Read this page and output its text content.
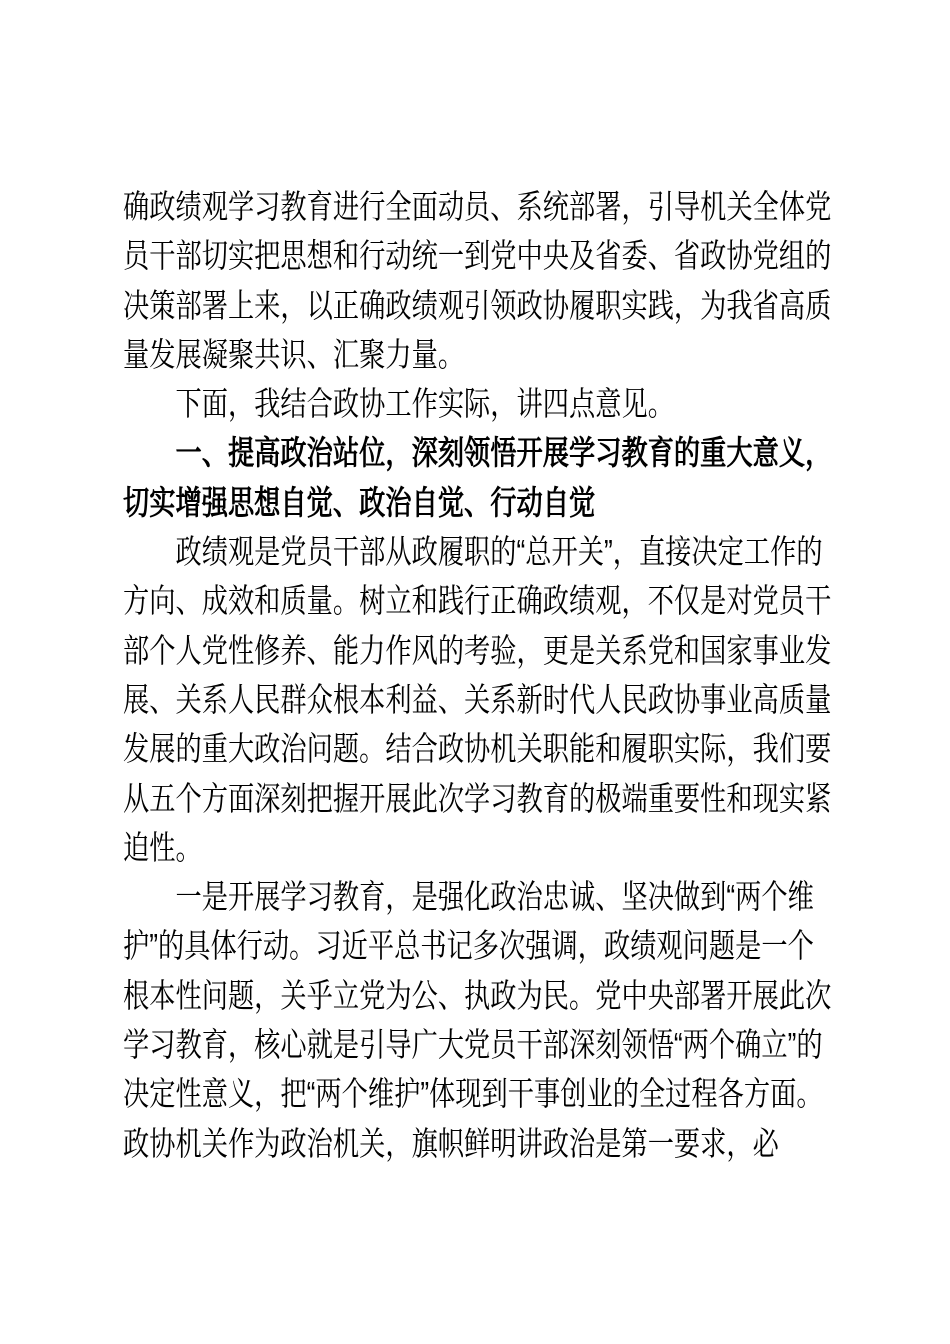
确政绩观学习教育进行全面动员、系统部署，引导机关全体党员干部切实把思想和行动统一到党中央及省委、省政协党组的决策部署上来，以正确政绩观引领政协履职实践，为我省高质量发展凝聚共识、汇聚力量。

下面，我结合政协工作实际，讲四点意见。

一、提高政治站位，深刻领悟开展学习教育的重大意义，切实增强思想自觉、政治自觉、行动自觉

政绩观是党员干部从政履职的“总开关”，直接决定工作的方向、成效和质量。树立和践行正确政绩观，不仅是对党员干部个人党性修养、能力作风的考验，更是关系党和国家事业发展、关系人民群众根本利益、关系新时代人民政协事业高质量发展的重大政治问题。结合政协机关职能和履职实际，我们要从五个方面深刻把握开展此次学习教育的极端重要性和现实紧迫性。

一是开展学习教育，是强化政治忠诚、坚决做到“两个维护”的具体行动。习近平总书记多次强调，政绩观问题是一个根本性问题，关乎立党为公、执政为民。党中央部署开展此次学习教育，核心就是引导广大党员干部深刻领悟“两个确立”的决定性意义，把“两个维护”体现到干事创业的全过程各方面。政协机关作为政治机关，旗帜鲜明讲政治是第一要求，必
